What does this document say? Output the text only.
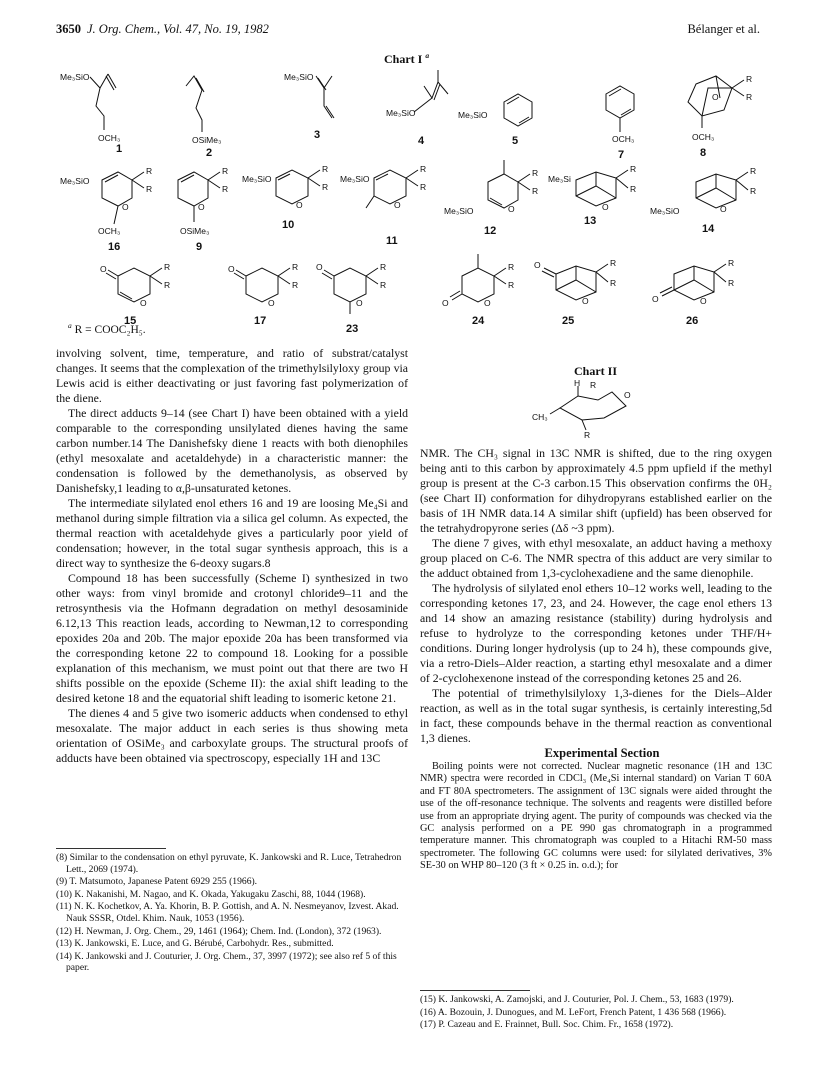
3650 J. Org. Chem., Vol. 47, No. 19, 1982	Bélanger et al.
Chart I $^a$
Me₃SiO
OCH₃
1
OSiMe₃
2
Me₃SiO
3
Me₃SiO
4
Me₃SiO
5	OCH₃
7
R
R
O
OCH₃
8
Me₃SiO
R
R
O
OCH₃
16
R
R
O
OSiMe₃
9
Me₃SiO
R
R
O
10
Me₃SiO
R
R
O
11
R
R
O
Me₃SiO
12
Me₃Si
R
R
O
13
R
R
O
Me₃SiO
14
O	R
R
O
15
O	R
R
O
17
O	R
R
O
23
O
R
R
O
24
O	R
R
O
25
O
R
R
O
26
$^a$ R = COOC₂H₅.

involving solvent, time, temperature, and ratio of substrat/catalyst changes. It seems that the complexation of the trimethylsilyloxy group via Lewis acid is either deactivating or just favoring fast polymerization of the diene.

The direct adducts 9–14 (see Chart I) have been obtained with a yield comparable to the corresponding unsilylated dienes having the same carbon number.14 The Danishefsky diene 1 reacts with both dienophiles (ethyl mesoxalate and acetaldehyde) in a characteristic manner: the condensation is followed by the demethanolysis, as observed by Danishefsky,1 leading to α,β-unsaturated ketones.

The intermediate silylated enol ethers 16 and 19 are loosing Me₄Si and methanol during simple filtration via a silica gel column. As expected, the thermal reaction with acetaldehyde gives a particularly poor yield of condensation; however, in the total sugar synthesis approach, this is a direct way to synthesize the 6-deoxy sugars.8

Compound 18 has been successfully (Scheme I) synthesized in two other ways: from vinyl bromide and crotonyl chloride9–11 and the retrosynthesis via the Hofmann degradation on methyl desosaminide 6.12,13 This reaction leads, according to Newman,12 to corresponding epoxides 20a and 20b. The major epoxide 20a has been transformed via the corresponding ketone 22 to compound 18. Looking for a possible explanation of this mechanism, we must point out that there are two H shifts possible on the epoxide (Scheme II): the axial shift leading to the desired ketone 18 and the equatorial shift leading to isomeric ketone 21.

The dienes 4 and 5 give two isomeric adducts when condensed to ethyl mesoxalate. The major adduct in each series is thus showing meta orientation of OSiMe₃ and carboxylate groups. The structural proofs of adducts have been obtained via spectroscopy, especially 1H and 13C

Chart II
H R
O
CH₃
R

NMR. The CH₃ signal in 13C NMR is shifted, due to the ring oxygen being anti to this carbon by approximately 4.5 ppm upfield if the methyl group is present at the C-3 carbon.15 This observation confirms the 0H₂ (see Chart II) conformation for dihydropyrans established earlier on the basis of 1H NMR data.14 A similar shift (upfield) has been observed for the tetrahydropyrone series (Δδ ~3 ppm).

The diene 7 gives, with ethyl mesoxalate, an adduct having a methoxy group placed on C-6. The NMR spectra of this adduct are very similar to the adduct obtained from 1,3-cyclohexadiene and the same dienophile.

The hydrolysis of silylated enol ethers 10–12 works well, leading to the corresponding ketones 17, 23, and 24. However, the cage enol ethers 13 and 14 show an amazing resistance (stability) during hydrolysis and refuse to hydrolyze to the corresponding ketones under THF/H+ conditions. During longer hydrolysis (up to 24 h), these compounds give, via a retro-Diels–Alder reaction, a starting ethyl mesoxalate and a dimer of 2-cyclohexenone instead of the corresponding ketones 25 and 26.

The potential of trimethylsilyloxy 1,3-dienes for the Diels–Alder reaction, as well as in the total sugar synthesis, is certainly interesting,5d in fact, these compounds behave in the thermal reaction as conventional 1,3 dienes.

Experimental Section

Boiling points were not corrected. Nuclear magnetic resonance (1H and 13C NMR) spectra were recorded in CDCl₃ (Me₄Si internal standard) on Varian T 60A and FT 80A spectrometers. The assignment of 13C signals were aided throught the use of the off-resonance technique. The solvents and reagents were distilled before use from an appropriate drying agent. The purity of compounds was checked via the GC analysis performed on a PE 990 gas chromatograph in a programmed temperature manner. This chromatograph was coupled to a Hitachi RM-50 mass spectrometer. The following GC columns were used: for silylated derivatives, 3% SE-30 on WHP 80–120 (3 ft × 0.25 in. o.d.); for

(8) Similar to the condensation on ethyl pyruvate, K. Jankowski and R. Luce, Tetrahedron Lett., 2069 (1974).

(9) T. Matsumoto, Japanese Patent 6929 255 (1966).

(10) K. Nakanishi, M. Nagao, and K. Okada, Yakugaku Zaschi, 88, 1044 (1968).

(11) N. K. Kochetkov, A. Ya. Khorin, B. P. Gottish, and A. N. Nesmeyanov, Izvest. Akad. Nauk SSSR, Otdel. Khim. Nauk, 1053 (1956).

(12) H. Newman, J. Org. Chem., 29, 1461 (1964); Chem. Ind. (London), 372 (1963).

(13) K. Jankowski, E. Luce, and G. Bérubé, Carbohydr. Res., submitted.

(14) K. Jankowski and J. Couturier, J. Org. Chem., 37, 3997 (1972); see also ref 5 of this paper.

(15) K. Jankowski, A. Zamojski, and J. Couturier, Pol. J. Chem., 53, 1683 (1979).

(16) A. Bozouin, J. Dunogues, and M. LeFort, French Patent, 1 436 568 (1966).

(17) P. Cazeau and E. Frainnet, Bull. Soc. Chim. Fr., 1658 (1972).
